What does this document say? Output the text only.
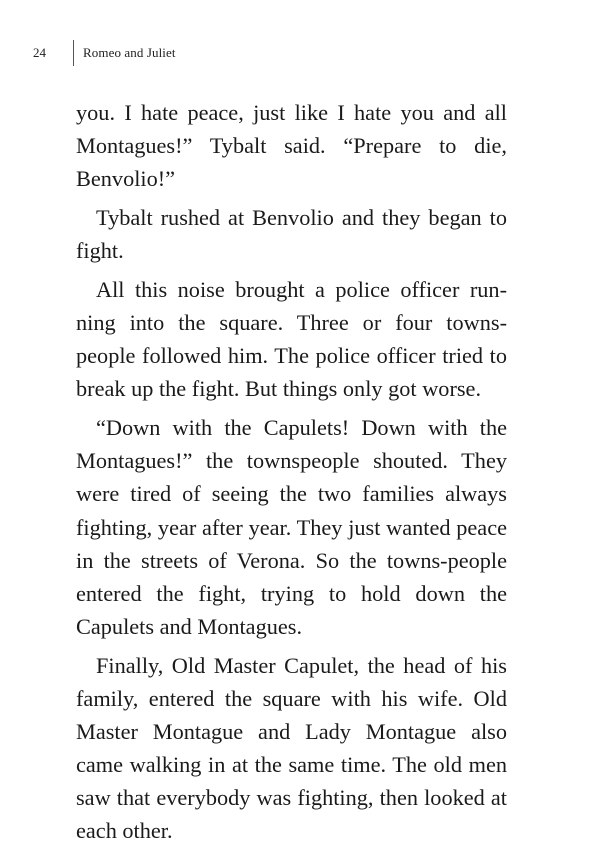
24	Romeo and Juliet

you. I hate peace, just like I hate you and all Montagues!” Tybalt said. “Prepare to die, Benvolio!”

Tybalt rushed at Benvolio and they began to fight.

All this noise brought a police officer run-ning into the square. Three or four towns-people followed him. The police officer tried to break up the fight. But things only got worse.

“Down with the Capulets! Down with the Montagues!” the townspeople shouted. They were tired of seeing the two families always fighting, year after year. They just wanted peace in the streets of Verona. So the towns-people entered the fight, trying to hold down the Capulets and Montagues.

Finally, Old Master Capulet, the head of his family, entered the square with his wife. Old Master Montague and Lady Montague also came walking in at the same time. The old men saw that everybody was fighting, then looked at each other.
